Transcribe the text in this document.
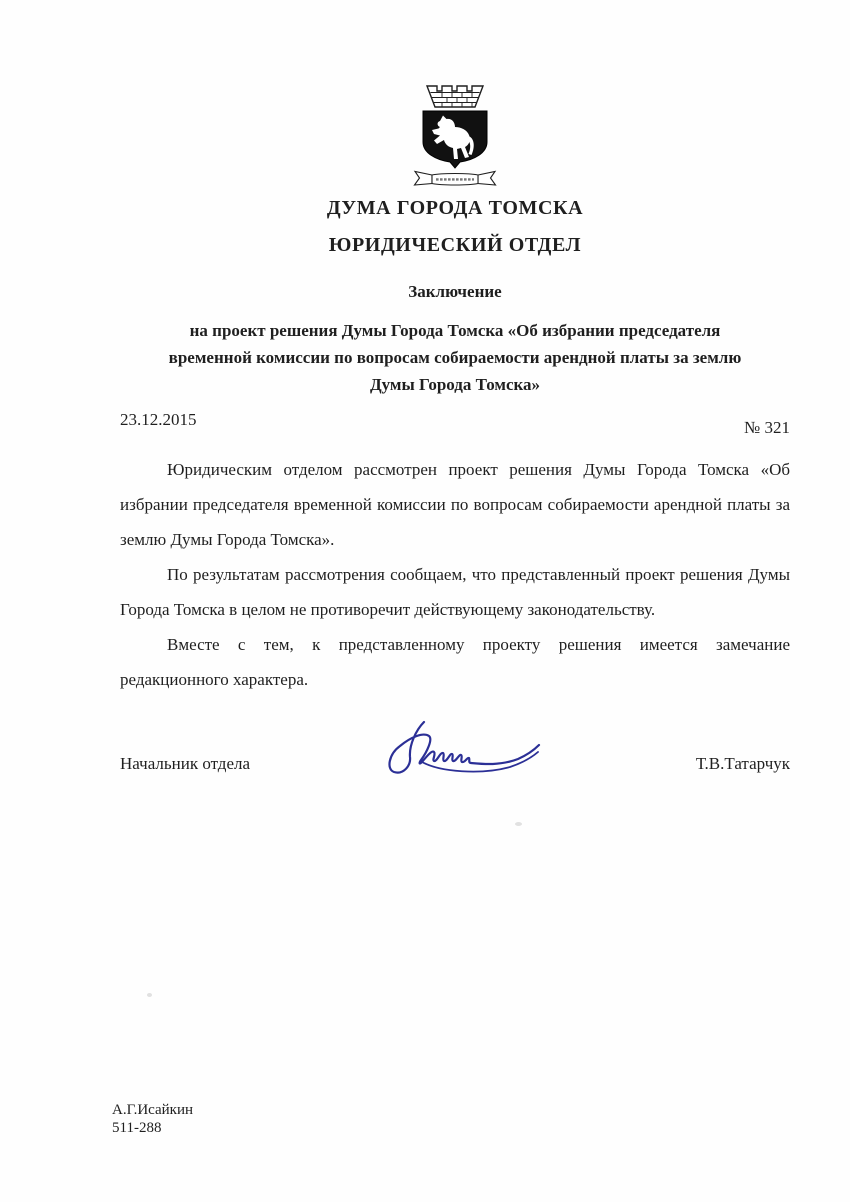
ДУМА ГОРОДА ТОМСКА
ЮРИДИЧЕСКИЙ ОТДЕЛ
Заключение
на проект решения Думы Города Томска «Об избрании председателя
временной комиссии по вопросам собираемости арендной платы за землю
Думы Города Томска»
23.12.2015	№ 321

Юридическим отделом рассмотрен проект решения Думы Города Томска «Об избрании председателя временной комиссии по вопросам собираемости арендной платы за землю Думы Города Томска».

По результатам рассмотрения сообщаем, что представленный проект решения Думы Города Томска в целом не противоречит действующему законодательству.

Вместе с тем, к представленному проекту решения имеется замечание редакционного характера.

Начальник отдела	Т.В.Татарчук
А.Г.Исайкин
511-288
